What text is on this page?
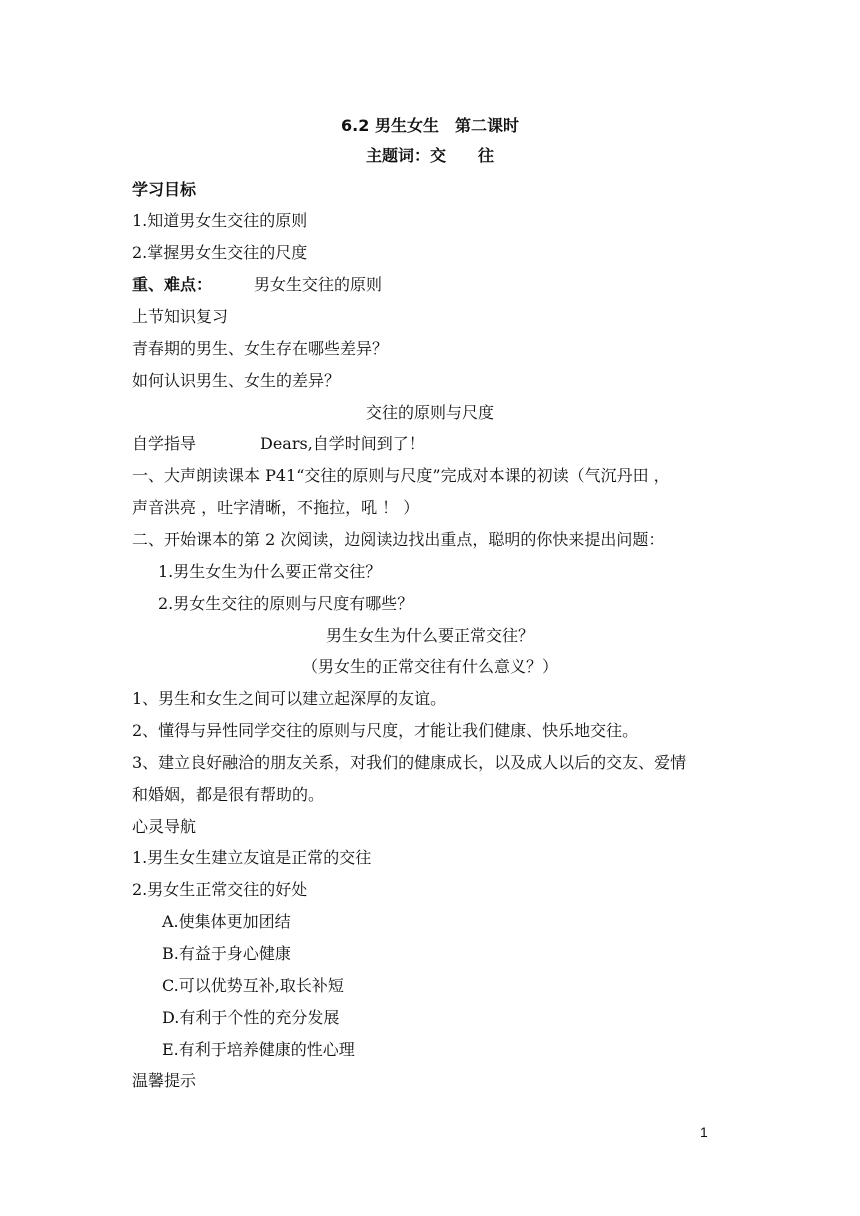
6.2 男生女生　第二课时
主题词：交　　往
学习目标
1.知道男女生交往的原则
2.掌握男女生交往的尺度
重、难点：	男女生交往的原则
上节知识复习
青春期的男生、女生存在哪些差异？
如何认识男生、女生的差异？
交往的原则与尺度
自学指导	Dears,自学时间到了！
一、大声朗读课本 P41“交往的原则与尺度”完成对本课的初读（气沉丹田 ，
声音洪亮 ，吐字清晰，不拖拉，吼 ！ ）
二、开始课本的第 2 次阅读，边阅读边找出重点，聪明的你快来提出问题：
1.男生女生为什么要正常交往？
2.男女生交往的原则与尺度有哪些？
男生女生为什么要正常交往？
（男女生的正常交往有什么意义？）
1、男生和女生之间可以建立起深厚的友谊。
2、懂得与异性同学交往的原则与尺度，才能让我们健康、快乐地交往。
3、建立良好融洽的朋友关系，对我们的健康成长，以及成人以后的交友、爱情
和婚姻，都是很有帮助的。
心灵导航
1.男生女生建立友谊是正常的交往
2.男女生正常交往的好处
A.使集体更加团结
B.有益于身心健康
C.可以优势互补,取长补短
D.有利于个性的充分发展
E.有利于培养健康的性心理
温馨提示
1
